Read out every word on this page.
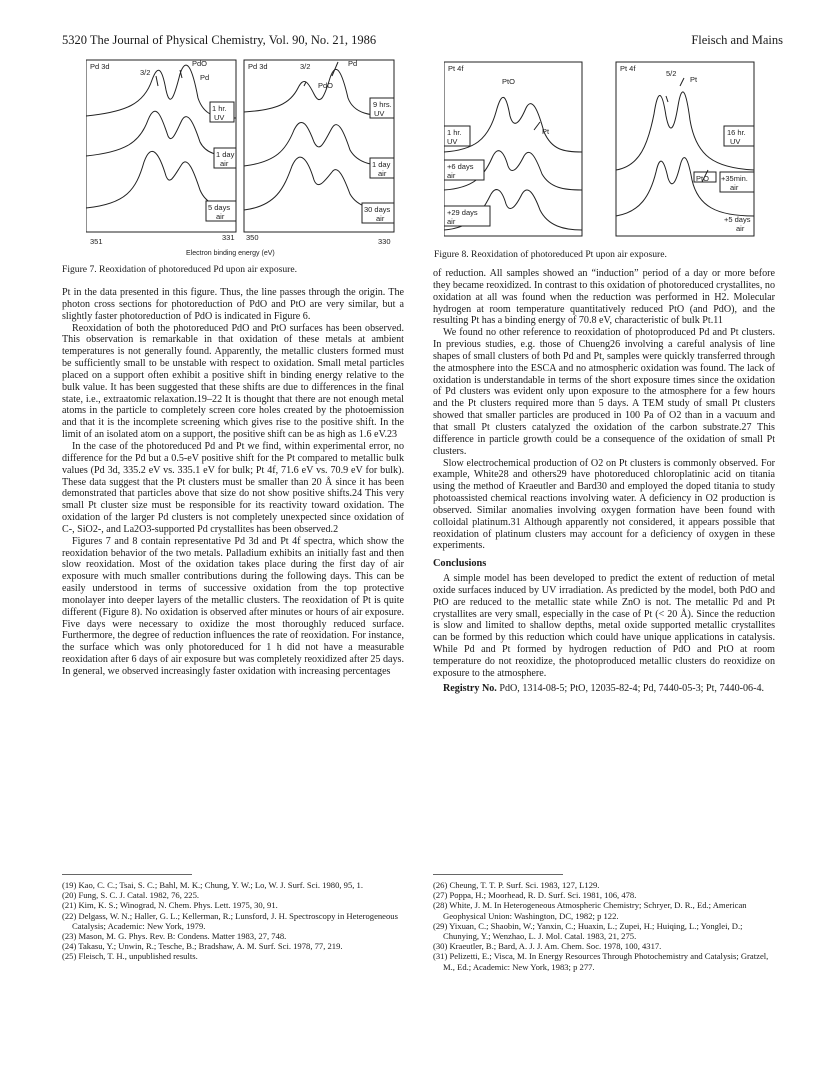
5320 The Journal of Physical Chemistry, Vol. 90, No. 21, 1986	Fleisch and Mains
Pd 3d
3/2
PdO
Pd
1 hr.
UV
1 day
air
5 days
air
351	331
Pd 3d	3/2	Pd
PdO
9 hrs.
UV
1 day
air
30 days
air
350	330
Electron binding energy (eV)
Figure 7. Reoxidation of photoreduced Pd upon air exposure.
Pt 4f
PtO
Pt
1 hr.
UV
+6 days
air
+29 days
air
Pt 4f
5/2
Pt
16 hr.
UV
+35min.
air
PtO
+5 days
air
Figure 8. Reoxidation of photoreduced Pt upon air exposure.

Pt in the data presented in this figure. Thus, the line passes through the origin. The photon cross sections for photoreduction of PdO and PtO are very similar, but a slightly faster photoreduction of PdO is indicated in Figure 6.

Reoxidation of both the photoreduced PdO and PtO surfaces has been observed. This observation is remarkable in that oxidation of these metals at ambient temperatures is not generally found. Apparently, the metallic clusters formed must be sufficiently small to be unstable with respect to oxidation. Small metal particles placed on a support often exhibit a positive shift in binding energy relative to the bulk value. It has been suggested that these shifts are due to differences in the final state, i.e., extraatomic relaxation.19–22 It is thought that there are not enough metal atoms in the particle to completely screen core holes created by the photoemission and that it is the incomplete screening which gives rise to the positive shift. In the limit of an isolated atom on a support, the positive shift can be as high as 1.6 eV.23

In the case of the photoreduced Pd and Pt we find, within experimental error, no difference for the Pd but a 0.5-eV positive shift for the Pt compared to metallic bulk values (Pd 3d, 335.2 eV vs. 335.1 eV for bulk; Pt 4f, 71.6 eV vs. 70.9 eV for bulk). These data suggest that the Pt clusters must be smaller than 20 Å since it has been demonstrated that particles above that size do not show positive shifts.24 This very small Pt cluster size must be responsible for its reactivity toward oxidation. The oxidation of the larger Pd clusters is not completely unexpected since oxidation of C-, SiO2-, and La2O3-supported Pd crystallites has been observed.2

Figures 7 and 8 contain representative Pd 3d and Pt 4f spectra, which show the reoxidation behavior of the two metals. Palladium exhibits an initially fast and then slow reoxidation. Most of the oxidation takes place during the first day of air exposure with much smaller contributions during the following days. This can be easily understood in terms of successive oxidation from the top protective monolayer into deeper layers of the metallic clusters. The reoxidation of Pt is quite different (Figure 8). No oxidation is observed after minutes or hours of air exposure. Five days were necessary to oxidize the most thoroughly reduced surface. Furthermore, the degree of reduction influences the rate of reoxidation. For instance, the surface which was only photoreduced for 1 h did not have a measurable reoxidation after 6 days of air exposure but was completely reoxidized after 25 days. In general, we observed increasingly faster oxidation with increasing percentages

of reduction. All samples showed an “induction” period of a day or more before they became reoxidized. In contrast to this oxidation of photoreduced crystallites, no oxidation at all was found when the reduction was performed in H2. Molecular hydrogen at room temperature quantitatively reduced PtO (and PdO), and the resulting Pt has a binding energy of 70.8 eV, characteristic of bulk Pt.11

We found no other reference to reoxidation of photoproduced Pd and Pt clusters. In previous studies, e.g. those of Chueng26 involving a careful analysis of line shapes of small clusters of both Pd and Pt, samples were quickly transferred through the atmosphere into the ESCA and no atmospheric oxidation was found. The lack of oxidation is understandable in terms of the short exposure times since the oxidation of Pd clusters was evident only upon exposure to the atmosphere for a few hours and the Pt clusters required more than 5 days. A TEM study of small Pt clusters showed that smaller particles are produced in 100 Pa of O2 than in a vacuum and that small Pt clusters catalyzed the oxidation of the carbon substrate.27 This difference in particle growth could be a consequence of the oxidation of small Pt clusters.

Slow electrochemical production of O2 on Pt clusters is commonly observed. For example, White28 and others29 have photoreduced chloroplatinic acid on titania using the method of Kraeutler and Bard30 and employed the doped titania to study photoassisted chemical reactions involving water. A deficiency in O2 production is observed. Similar anomalies involving oxygen formation have been found with colloidal platinum.31 Although apparently not considered, it appears possible that reoxidation of platinum clusters may account for a deficiency of oxygen in these experiments.

Conclusions

A simple model has been developed to predict the extent of reduction of metal oxide surfaces induced by UV irradiation. As predicted by the model, both PdO and PtO are reduced to the metallic state while ZnO is not. The metallic Pd and Pt crystallites are very small, especially in the case of Pt (< 20 Å). Since the reduction is slow and limited to shallow depths, metal oxide supported metallic crystallites can be formed by this reduction which could have unique applications in catalysis. While Pd and Pt formed by hydrogen reduction of PdO and PtO at room temperature do not reoxidize, the photoproduced metallic clusters do reoxidize on exposure to the atmosphere.

Registry No. PdO, 1314-08-5; PtO, 12035-82-4; Pd, 7440-05-3; Pt, 7440-06-4.

(19) Kao, C. C.; Tsai, S. C.; Bahl, M. K.; Chung, Y. W.; Lo, W. J. Surf. Sci. 1980, 95, 1.
(20) Fung, S. C. J. Catal. 1982, 76, 225.
(21) Kim, K. S.; Winograd, N. Chem. Phys. Lett. 1975, 30, 91.
(22) Delgass, W. N.; Haller, G. L.; Kellerman, R.; Lunsford, J. H. Spectroscopy in Heterogeneous Catalysis; Academic: New York, 1979.
(23) Mason, M. G. Phys. Rev. B: Condens. Matter 1983, 27, 748.
(24) Takasu, Y.; Unwin, R.; Tesche, B.; Bradshaw, A. M. Surf. Sci. 1978, 77, 219.
(25) Fleisch, T. H., unpublished results.
(26) Cheung, T. T. P. Surf. Sci. 1983, 127, L129.
(27) Poppa, H.; Moorhead, R. D. Surf. Sci. 1981, 106, 478.
(28) White, J. M. In Heterogeneous Atmospheric Chemistry; Schryer, D. R., Ed.; American Geophysical Union: Washington, DC, 1982; p 122.
(29) Yixuan, C.; Shaobin, W.; Yanxin, C.; Huaxin, L.; Zupei, H.; Huiqing, L.; Yonglei, D.; Chunying, Y.; Wenzhao, L. J. Mol. Catal. 1983, 21, 275.
(30) Kraeutler, B.; Bard, A. J. J. Am. Chem. Soc. 1978, 100, 4317.
(31) Pelizetti, E.; Visca, M. In Energy Resources Through Photochemistry and Catalysis; Gratzel, M., Ed.; Academic: New York, 1983; p 277.
